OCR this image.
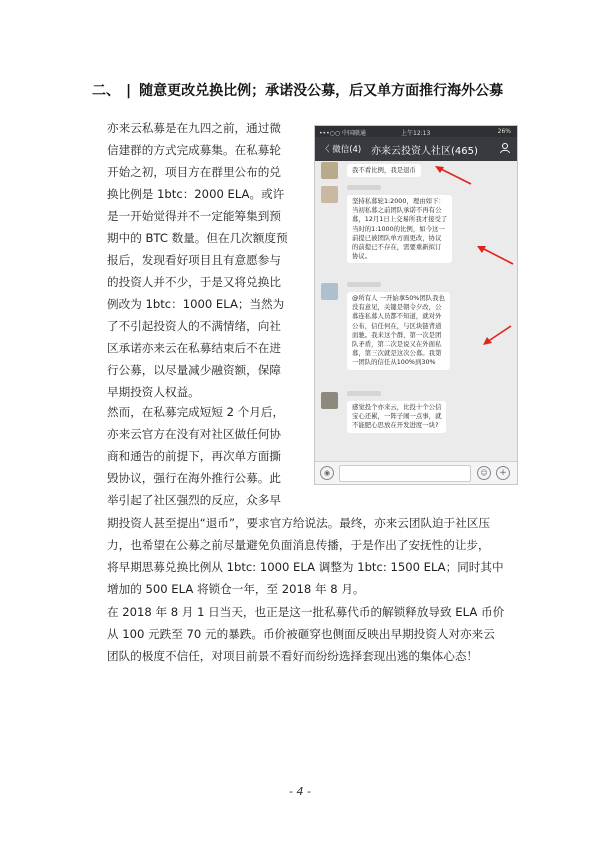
二、 | 随意更改兑换比例；承诺没公募，后又单方面推行海外公募
亦来云私募是在九四之前，通过微
信建群的方式完成募集。在私募轮
开始之初，项目方在群里公布的兑
换比例是 1btc：2000 ELA。或许
是一开始觉得并不一定能筹集到预
期中的 BTC 数量。但在几次额度预
报后，发现看好项目且有意愿参与
的投资人并不少，于是又将兑换比
例改为 1btc：1000 ELA；当然为
了不引起投资人的不满情绪，向社
区承诺亦来云在私募结束后不在进
行公募，以尽量减少融资额，保障
早期投资人权益。
然而，在私募完成短短 2 个月后，
亦来云官方在没有对社区做任何协
商和通告的前提下，再次单方面撕
毁协议，强行在海外推行公募。此
举引起了社区强烈的反应，众多早
期投资人甚至提出“退币”，要求官方给说法。最终，亦来云团队迫于社区压
力，也希望在公募之前尽量避免负面消息传播，于是作出了安抚性的让步，
将早期思募兑换比例从 1btc: 1000 ELA 调整为 1btc: 1500 ELA；同时其中
增加的 500 ELA 将锁仓一年，至 2018 年 8 月。
在 2018 年 8 月 1 日当天，也正是这一批私募代币的解锁释放导致 ELA 币价
从 100 元跌至 70 元的暴跌。币价被砸穿也侧面反映出早期投资人对亦来云
团队的极度不信任，对项目前景不看好而纷纷选择套现出逃的集体心态！
•••○○ 中国联通	上午12:13	26%
〈 微信(4) 亦来云投资人社区(465)
我不看比例，我是退币
坚持私募轮1:2000，理由如下：
当初私募之前团队承诺不再有公
募，12月1日上交易所我才接受了
当时的1:1000的比例，如今这一
前提已被团队单方面更改，协议
的前提已不存在，需要重新拟订
协议。
@所有人 一开始拿50%团队我也
没有意见，关键是朝令夕改，公
募连私募人员都不知道，就对外
公布，信任何在，与区块链背道
而驰。我来这个群，第一次是团
队矛盾，第二次是说又在外面私
募，第三次就是这次公募。我第
一团队的信任从100%到30%
感觉投个亦来云，比投十个公信
宝心还累，一阵子闹一点事，就
不能肥心思放在开发进度一块?
◉	☺	+
- 4 -
